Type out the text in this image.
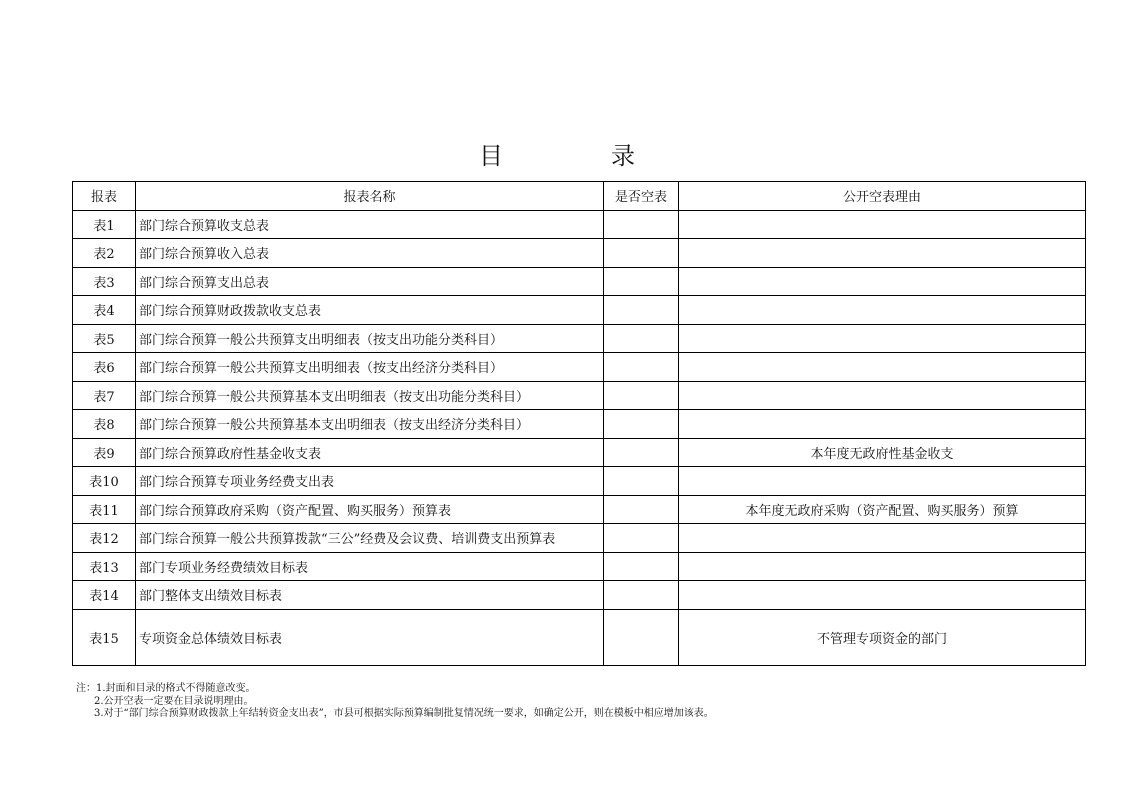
目　录
报表	报表名称	是否空表	公开空表理由
表1	部门综合预算收支总表		
表2	部门综合预算收入总表		
表3	部门综合预算支出总表		
表4	部门综合预算财政拨款收支总表		
表5	部门综合预算一般公共预算支出明细表（按支出功能分类科目）		
表6	部门综合预算一般公共预算支出明细表（按支出经济分类科目）		
表7	部门综合预算一般公共预算基本支出明细表（按支出功能分类科目）		
表8	部门综合预算一般公共预算基本支出明细表（按支出经济分类科目）		
表9	部门综合预算政府性基金收支表		本年度无政府性基金收支
表10	部门综合预算专项业务经费支出表		
表11	部门综合预算政府采购（资产配置、购买服务）预算表		本年度无政府采购（资产配置、购买服务）预算
表12	部门综合预算一般公共预算拨款“三公”经费及会议费、培训费支出预算表		
表13	部门专项业务经费绩效目标表		
表14	部门整体支出绩效目标表		
表15	专项资金总体绩效目标表		不管理专项资金的部门
注：1.封面和目录的格式不得随意改变。
2.公开空表一定要在目录说明理由。
3.对于“部门综合预算财政拨款上年结转资金支出表”，市县可根据实际预算编制批复情况统一要求，如确定公开，则在模板中相应增加该表。
